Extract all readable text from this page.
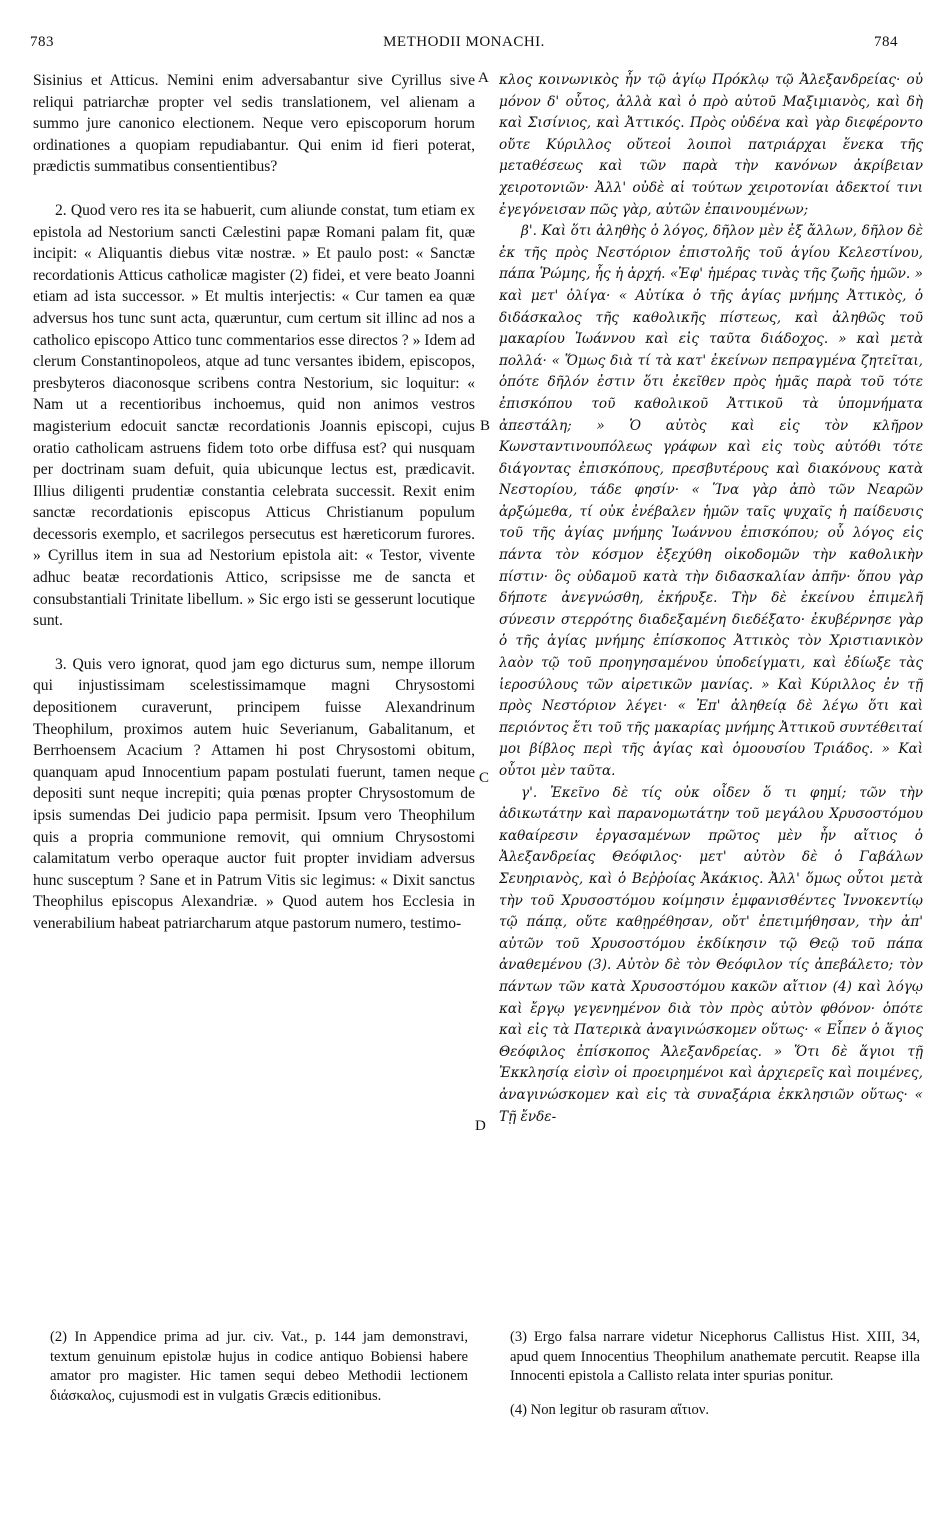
783	METHODII MONACHI.	784

Sisinius et Atticus. Nemini enim adversabantur sive Cyrillus sive reliqui patriarchæ propter vel sedis translationem, vel alienam a summo jure canonico electionem. Neque vero episcoporum horum ordinationes a quopiam repudiabantur. Qui enim id fieri poterat, prædictis summatibus consentientibus?

2. Quod vero res ita se habuerit, cum aliunde constat, tum etiam ex epistola ad Nestorium sancti Cælestini papæ Romani palam fit, quæ incipit: « Aliquantis diebus vitæ nostræ. » Et paulo post: « Sanctæ recordationis Atticus catholicæ magister (2) fidei, et vere beato Joanni etiam ad ista successor. » Et multis interjectis: « Cur tamen ea quæ adversus hos tunc sunt acta, quæruntur, cum certum sit illinc ad nos a catholico episcopo Attico tunc commentarios esse directos ? » Idem ad clerum Constantinopoleos, atque ad tunc versantes ibidem, episcopos, presbyteros diaconosque scribens contra Nestorium, sic loquitur: « Nam ut a recentioribus inchoemus, quid non animos vestros magisterium edocuit sanctæ recordationis Joannis episcopi, cujus oratio catholicam astruens fidem toto orbe diffusa est? qui nusquam per doctrinam suam defuit, quia ubicunque lectus est, prædicavit. Illius diligenti prudentiæ constantia celebrata successit. Rexit enim sanctæ recordationis episcopus Atticus Christianum populum decessoris exemplo, et sacrilegos persecutus est hæreticorum furores. » Cyrillus item in sua ad Nestorium epistola ait: « Testor, vivente adhuc beatæ recordationis Attico, scripsisse me de sancta et consubstantiali Trinitate libellum. » Sic ergo isti se gesserunt locutique sunt.

3. Quis vero ignorat, quod jam ego dicturus sum, nempe illorum qui injustissimam scelestissimamque magni Chrysostomi depositionem curaverunt, principem fuisse Alexandrinum Theophilum, proximos autem huic Severianum, Gabalitanum, et Berrhoensem Acacium ? Attamen hi post Chrysostomi obitum, quanquam apud Innocentium papam postulati fuerunt, tamen neque depositi sunt neque increpiti; quia pœnas propter Chrysostomum de ipsis sumendas Dei judicio papa permisit. Ipsum vero Theophilum quis a propria communione removit, qui omnium Chrysostomi calamitatum verbo operaque auctor fuit propter invidiam adversus hunc susceptum ? Sane et in Patrum Vitis sic legimus: « Dixit sanctus Theophilus episcopus Alexandriæ. » Quod autem hos Ecclesia in venerabilium habeat patriarcharum atque pastorum numero, testimo-

A
B
C
D

κλος κοινωνικὸς ἦν τῷ ἁγίῳ Πρόκλῳ τῷ Ἀλεξανδρείας· οὐ μόνον δ' οὗτος, ἀλλὰ καὶ ὁ πρὸ αὐτοῦ Μαξιμιανὸς, καὶ δὴ καὶ Σισίνιος, καὶ Ἀττικός. Πρὸς οὐδένα καὶ γὰρ διεφέροντο οὔτε Κύριλλος οὔτεοἱ λοιποὶ πατριάρχαι ἕνεκα τῆς μεταθέσεως καὶ τῶν παρὰ τὴν κανόνων ἀκρίβειαν χειροτονιῶν· Ἀλλ' οὐδὲ αἱ τούτων χειροτονίαι ἀδεκτοί τινι ἐγεγόνεισαν πῶς γὰρ, αὐτῶν ἐπαινουμένων;

β'. Καὶ ὅτι ἀληθὴς ὁ λόγος, δῆλον μὲν ἐξ ἄλλων, δῆλον δὲ ἐκ τῆς πρὸς Νεστόριον ἐπιστολῆς τοῦ ἁγίου Κελεστίνου, πάπα Ῥώμης, ἧς ἡ ἀρχή. «Ἐφ' ἡμέρας τινὰς τῆς ζωῆς ἡμῶν. » καὶ μετ' ὀλίγα· « Αὐτίκα ὁ τῆς ἁγίας μνήμης Ἀττικὸς, ὁ διδάσκαλος τῆς καθολικῆς πίστεως, καὶ ἀληθῶς τοῦ μακαρίου Ἰωάννου καὶ εἰς ταῦτα διάδοχος. » καὶ μετὰ πολλά· « Ὅμως διὰ τί τὰ κατ' ἐκείνων πεπραγμένα ζητεῖται, ὁπότε δῆλόν ἐστιν ὅτι ἐκεῖθεν πρὸς ἡμᾶς παρὰ τοῦ τότε ἐπισκόπου τοῦ καθολικοῦ Ἀττικοῦ τὰ ὑπομνήματα ἀπεστάλη; » Ὁ αὐτὸς καὶ εἰς τὸν κλῆρον Κωνσταντινουπόλεως γράφων καὶ εἰς τοὺς αὐτόθι τότε διάγοντας ἐπισκόπους, πρεσβυτέρους καὶ διακόνους κατὰ Νεστορίου, τάδε φησίν· « Ἵνα γὰρ ἀπὸ τῶν Νεαρῶν ἀρξώμεθα, τί οὐκ ἐνέβαλεν ἡμῶν ταῖς ψυχαῖς ἡ παίδευσις τοῦ τῆς ἁγίας μνήμης Ἰωάννου ἐπισκόπου; οὗ λόγος εἰς πάντα τὸν κόσμον ἐξεχύθη οἰκοδομῶν τὴν καθολικὴν πίστιν· ὃς οὐδαμοῦ κατὰ τὴν διδασκαλίαν ἀπῆν· ὅπου γὰρ δήποτε ἀνεγνώσθη, ἐκήρυξε. Τὴν δὲ ἐκείνου ἐπιμελῆ σύνεσιν στερρότης διαδεξαμένη διεδέξατο· ἐκυβέρνησε γὰρ ὁ τῆς ἁγίας μνήμης ἐπίσκοπος Ἀττικὸς τὸν Χριστιανικὸν λαὸν τῷ τοῦ προηγησαμένου ὑποδείγματι, καὶ ἐδίωξε τὰς ἱεροσύλους τῶν αἱρετικῶν μανίας. » Καὶ Κύριλλος ἐν τῇ πρὸς Νεστόριον λέγει· « Ἐπ' ἀληθείᾳ δὲ λέγω ὅτι καὶ περιόντος ἔτι τοῦ τῆς μακαρίας μνήμης Ἀττικοῦ συντέθειταί μοι βίβλος περὶ τῆς ἁγίας καὶ ὁμοουσίου Τριάδος. » Καὶ οὗτοι μὲν ταῦτα.

γ'. Ἐκεῖνο δὲ τίς οὐκ οἶδεν ὅ τι φημί; τῶν τὴν ἀδικωτάτην καὶ παρανομωτάτην τοῦ μεγάλου Χρυσοστόμου καθαίρεσιν ἐργασαμένων πρῶτος μὲν ἦν αἴτιος ὁ Ἀλεξανδρείας Θεόφιλος· μετ' αὐτὸν δὲ ὁ Γαβάλων Σευηριανὸς, καὶ ὁ Βεῤῥοίας Ἀκάκιος. Ἀλλ' ὅμως οὗτοι μετὰ τὴν τοῦ Χρυσοστόμου κοίμησιν ἐμφανισθέντες Ἰννοκεντίῳ τῷ πάπᾳ, οὔτε καθῃρέθησαν, οὔτ' ἐπετιμήθησαν, τὴν ἀπ' αὐτῶν τοῦ Χρυσοστόμου ἐκδίκησιν τῷ Θεῷ τοῦ πάπα ἀναθεμένου (3). Αὐτὸν δὲ τὸν Θεόφιλον τίς ἀπεβάλετο; τὸν πάντων τῶν κατὰ Χρυσοστόμου κακῶν αἴτιον (4) καὶ λόγῳ καὶ ἔργῳ γεγενημένον διὰ τὸν πρὸς αὐτὸν φθόνον· ὁπότε καὶ εἰς τὰ Πατερικὰ ἀναγινώσκομεν οὕτως· « Εἶπεν ὁ ἅγιος Θεόφιλος ἐπίσκοπος Ἀλεξανδρείας. » Ὅτι δὲ ἅγιοι τῇ Ἐκκλησίᾳ εἰσὶν οἱ προειρημένοι καὶ ἀρχιερεῖς καὶ ποιμένες, ἀναγινώσκομεν καὶ εἰς τὰ συναξάρια ἐκκλησιῶν οὕτως· « Τῇ ἔνδε-

(2) In Appendice prima ad jur. civ. Vat., p. 144 jam demonstravi, textum genuinum epistolæ hujus in codice antiquo Bobiensi habere amator pro magister. Hic tamen sequi debeo Methodii lectionem διάσκαλος, cujusmodi est in vulgatis Græcis editionibus.

(3) Ergo falsa narrare videtur Nicephorus Callistus Hist. XIII, 34, apud quem Innocentius Theophilum anathemate percutit. Reapse illa Innocenti epistola a Callisto relata inter spurias ponitur.

(4) Non legitur ob rasuram αἴτιον.
